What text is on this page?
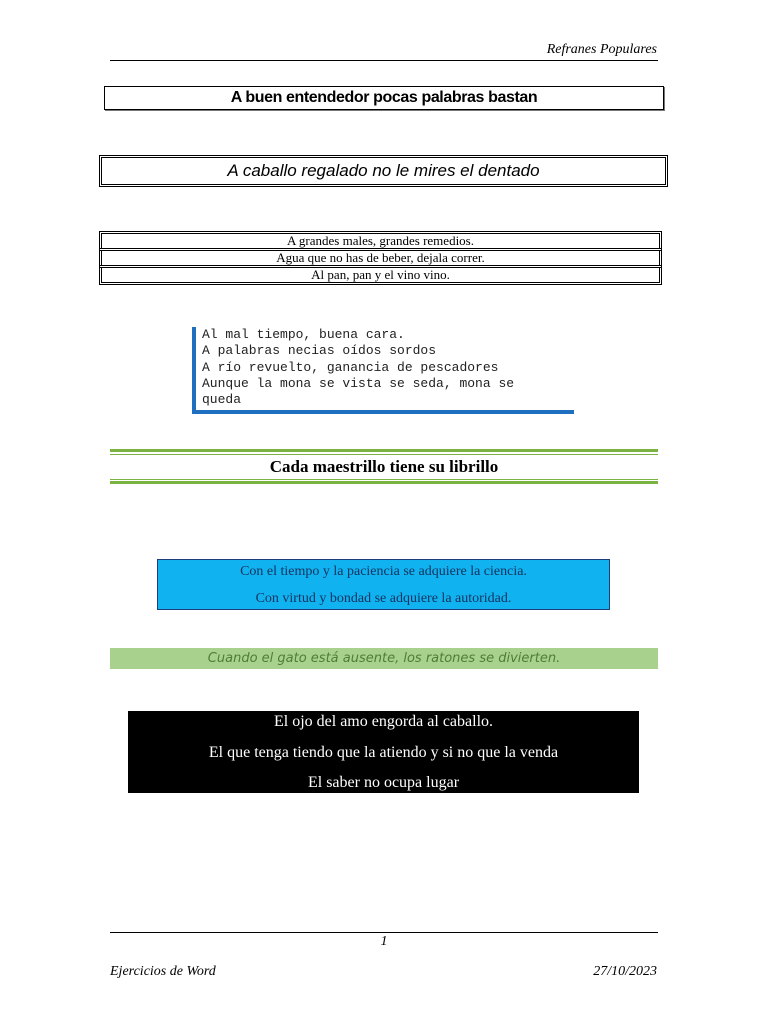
Refranes Populares
A buen entendedor pocas palabras bastan
A caballo regalado no le mires el dentado
A grandes males, grandes remedios.
Agua que no has de beber, dejala correr.
Al pan, pan y el vino vino.
Al mal tiempo, buena cara.
A palabras necias oídos sordos
A río revuelto, ganancia de pescadores
Aunque la mona se vista se seda, mona se
queda
Cada maestrillo tiene su librillo
Con el tiempo y la paciencia se adquiere la ciencia.
Con virtud y bondad se adquiere la autoridad.
Cuando el gato está ausente, los ratones se divierten.
El ojo del amo engorda al caballo.
El que tenga tiendo que la atiendo y si no que la venda
El saber no ocupa lugar
1
Ejercicios de Word	27/10/2023
